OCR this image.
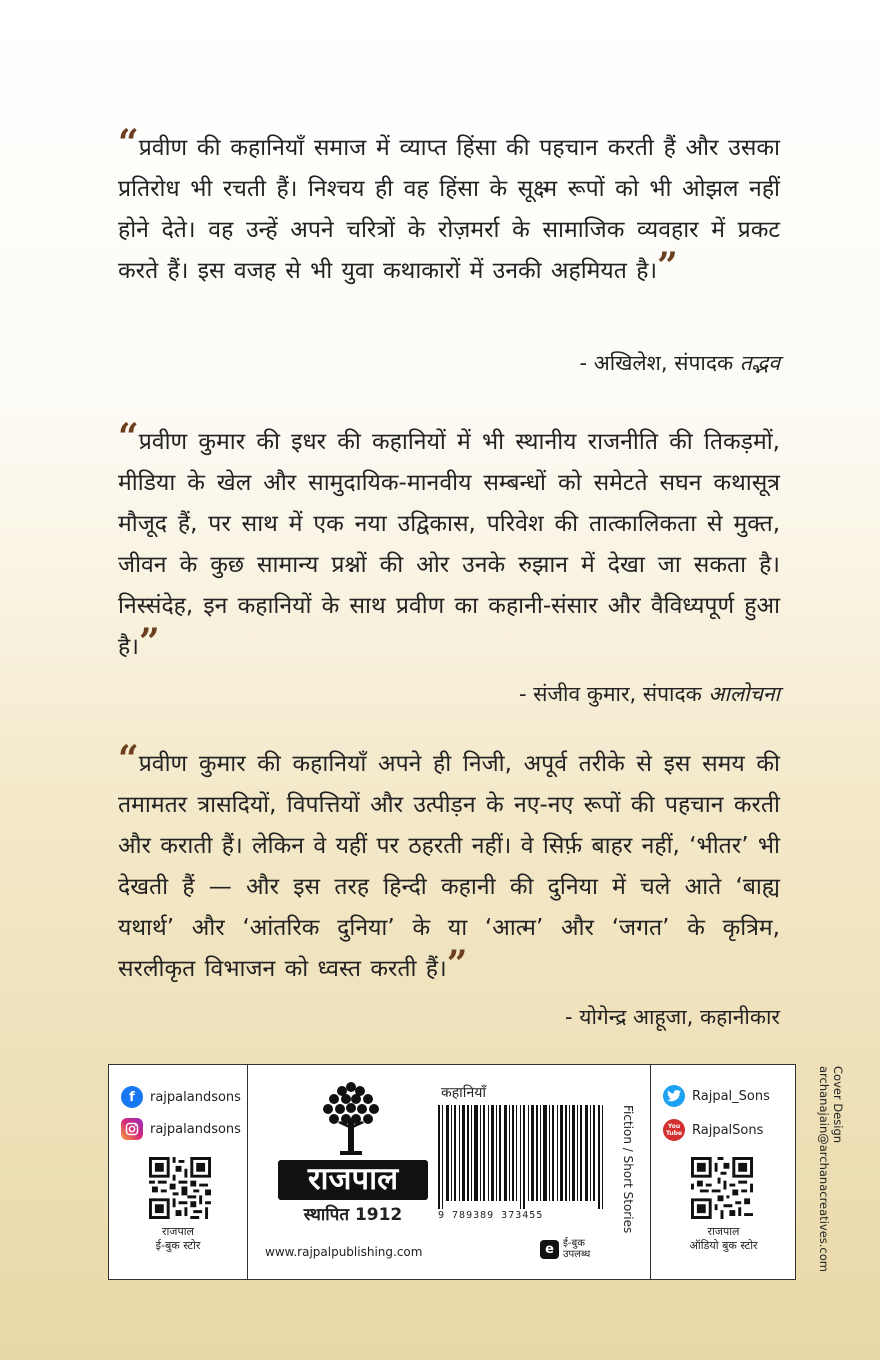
“प्रवीण की कहानियाँ समाज में व्याप्त हिंसा की पहचान करती हैं और उसका प्रतिरोध भी रचती हैं। निश्चय ही वह हिंसा के सूक्ष्म रूपों को भी ओझल नहीं होने देते। वह उन्हें अपने चरित्रों के रोज़मर्रा के सामाजिक व्यवहार में प्रकट करते हैं। इस वजह से भी युवा कथाकारों में उनकी अहमियत है।”
- अखिलेश, संपादक तद्भव
“प्रवीण कुमार की इधर की कहानियों में भी स्थानीय राजनीति की तिकड़मों, मीडिया के खेल और सामुदायिक-मानवीय सम्बन्धों को समेटते सघन कथासूत्र मौजूद हैं, पर साथ में एक नया उद्विकास, परिवेश की तात्कालिकता से मुक्त, जीवन के कुछ सामान्य प्रश्नों की ओर उनके रुझान में देखा जा सकता है। निस्संदेह, इन कहानियों के साथ प्रवीण का कहानी-संसार और वैविध्यपूर्ण हुआ है।”
- संजीव कुमार, संपादक आलोचना
“प्रवीण कुमार की कहानियाँ अपने ही निजी, अपूर्व तरीके से इस समय की तमामतर त्रासदियों, विपत्तियों और उत्पीड़न के नए-नए रूपों की पहचान करती और कराती हैं। लेकिन वे यहीं पर ठहरती नहीं। वे सिर्फ़ बाहर नहीं, ‘भीतर’ भी देखती हैं — और इस तरह हिन्दी कहानी की दुनिया में चले आते ‘बाह्य यथार्थ’ और ‘आंतरिक दुनिया’ के या ‘आत्म’ और ‘जगत’ के कृत्रिम, सरलीकृत विभाजन को ध्वस्त करती हैं।”
- योगेन्द्र आहूजा, कहानीकार
f	rajpalandsons
rajpalandsons
राजपाल
ई-बुक स्टोर
राजपाल
स्थापित 1912
www.rajpalpublishing.com
कहानियाँ
9 789389 373455	Fiction / Short Stories
e ई-बुक
उपलब्ध
Rajpal_Sons
You Tube RajpalSons
राजपाल
ऑडियो बुक स्टोर
Cover Design
archanajain@archanacreatives.com
